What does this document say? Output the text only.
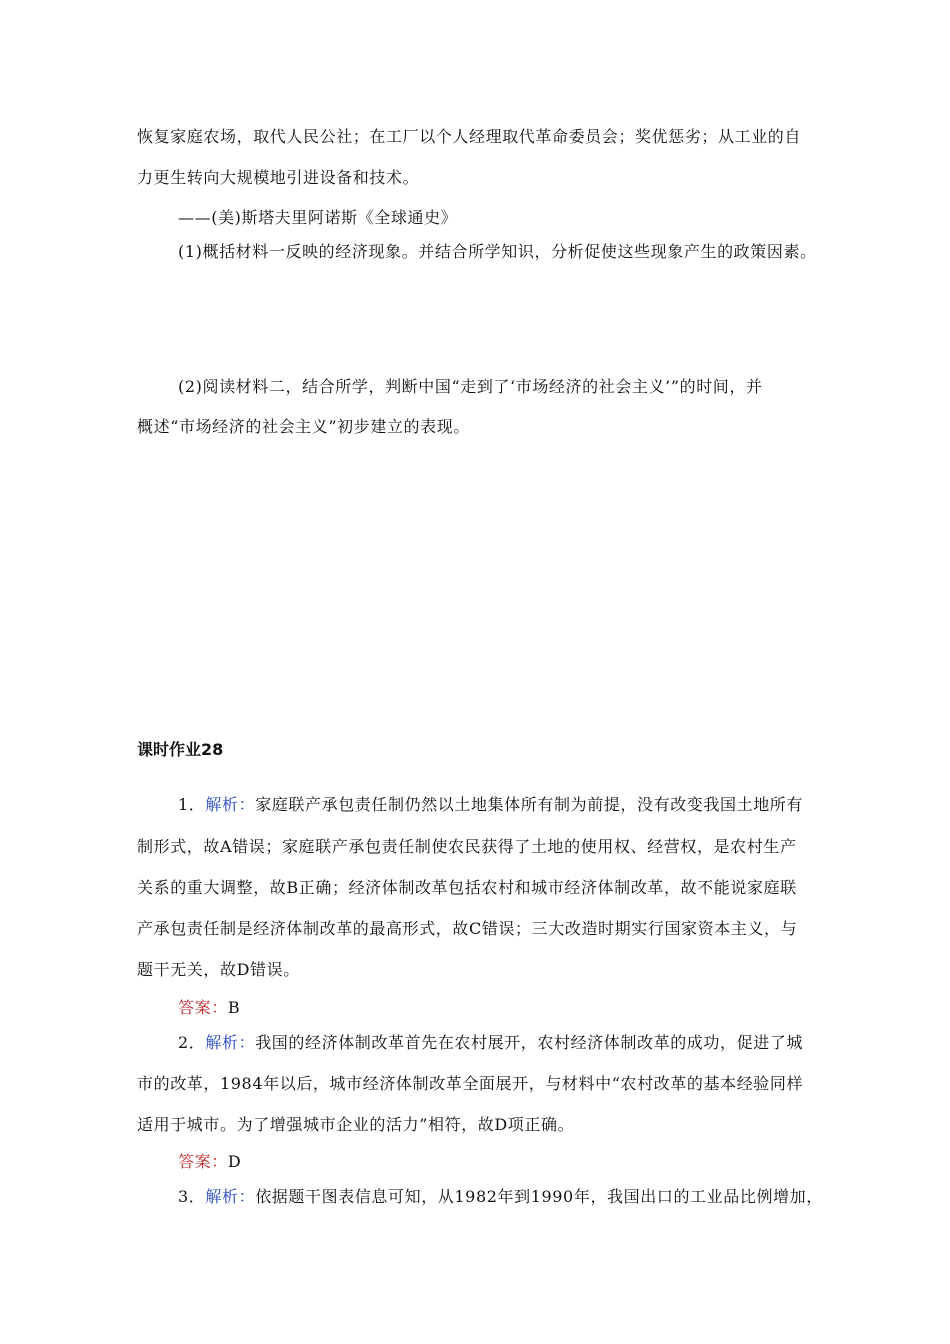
恢复家庭农场，取代人民公社；在工厂以个人经理取代革命委员会；奖优惩劣；从工业的自
力更生转向大规模地引进设备和技术。
——(美)斯塔夫里阿诺斯《全球通史》
(1)概括材料一反映的经济现象。并结合所学知识，分析促使这些现象产生的政策因素。
(2)阅读材料二，结合所学，判断中国“走到了‘市场经济的社会主义’”的时间，并
概述“市场经济的社会主义”初步建立的表现。
课时作业28
1．解析：家庭联产承包责任制仍然以土地集体所有制为前提，没有改变我国土地所有
制形式，故A错误；家庭联产承包责任制使农民获得了土地的使用权、经营权，是农村生产
关系的重大调整，故B正确；经济体制改革包括农村和城市经济体制改革，故不能说家庭联
产承包责任制是经济体制改革的最高形式，故C错误；三大改造时期实行国家资本主义，与
题干无关，故D错误。
答案：B
2．解析：我国的经济体制改革首先在农村展开，农村经济体制改革的成功，促进了城
市的改革，1984年以后，城市经济体制改革全面展开，与材料中“农村改革的基本经验同样
适用于城市。为了增强城市企业的活力”相符，故D项正确。
答案：D
3．解析：依据题干图表信息可知，从1982年到1990年，我国出口的工业品比例增加，
